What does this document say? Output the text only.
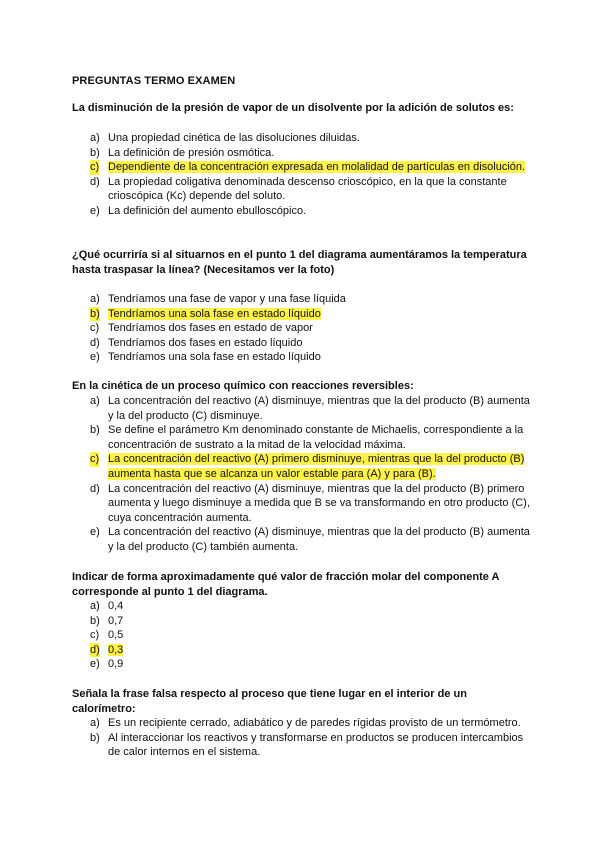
PREGUNTAS TERMO EXAMEN
La disminución de la presión de vapor de un disolvente por la adición de solutos es:
a) Una propiedad cinética de las disoluciones diluidas.
b) La definición de presión osmótica.
c) Dependiente de la concentración expresada en molalidad de partículas en disolución.
d) La propiedad coligativa denominada descenso crioscópico, en la que la constante crioscópica (Kc) depende del soluto.
e) La definición del aumento ebulloscópico.
¿Qué ocurriría si al situarnos en el punto 1 del diagrama aumentáramos la temperatura hasta traspasar la línea? (Necesitamos ver la foto)
a) Tendríamos una fase de vapor y una fase líquida
b) Tendríamos una sola fase en estado líquido
c) Tendríamos dos fases en estado de vapor
d) Tendríamos dos fases en estado líquido
e) Tendríamos una sola fase en estado líquido
En la cinética de un proceso químico con reacciones reversibles:
a) La concentración del reactivo (A) disminuye, mientras que la del producto (B) aumenta y la del producto (C) disminuye.
b) Se define el parámetro Km denominado constante de Michaelis, correspondiente a la concentración de sustrato a la mitad de la velocidad máxima.
c) La concentración del reactivo (A) primero disminuye, mientras que la del producto (B) aumenta hasta que se alcanza un valor estable para (A) y para (B).
d) La concentración del reactivo (A) disminuye, mientras que la del producto (B) primero aumenta y luego disminuye a medida que B se va transformando en otro producto (C), cuya concentración aumenta.
e) La concentración del reactivo (A) disminuye, mientras que la del producto (B) aumenta y la del producto (C) también aumenta.
Indicar de forma aproximadamente qué valor de fracción molar del componente A corresponde al punto 1 del diagrama.
a) 0,4
b) 0,7
c) 0,5
d) 0,3
e) 0,9
Señala la frase falsa respecto al proceso que tiene lugar en el interior de un calorímetro:
a) Es un recipiente cerrado, adiabático y de paredes rígidas provisto de un termómetro.
b) Al interaccionar los reactivos y transformarse en productos se producen intercambios de calor internos en el sistema.
